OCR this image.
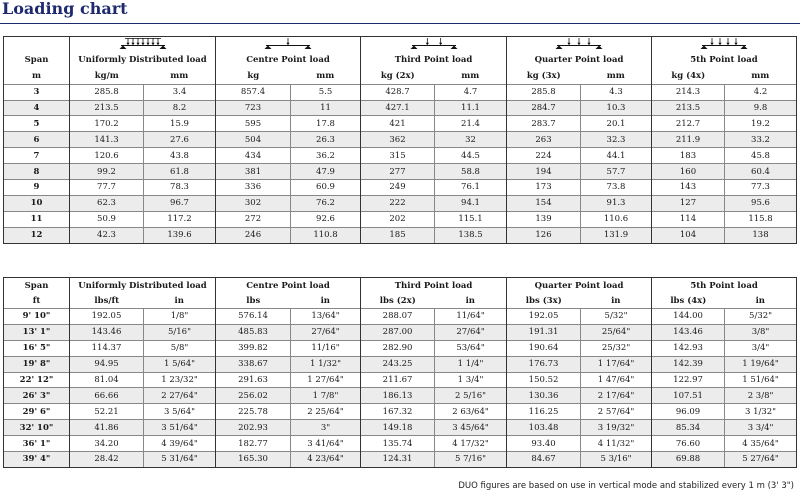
Loading chart

Span	Uniformly Distributed load		Centre Point load		Third Point load		Quarter Point load		5th Point load	
m	kg/m	mm	kg	mm	kg (2x)	mm	kg (3x)	mm	kg (4x)	mm
3	285.8	3.4	857.4	5.5	428.7	4.7	285.8	4.3	214.3	4.2
4	213.5	8.2	723	11	427.1	11.1	284.7	10.3	213.5	9.8
5	170.2	15.9	595	17.8	421	21.4	283.7	20.1	212.7	19.2
6	141.3	27.6	504	26.3	362	32	263	32.3	211.9	33.2
7	120.6	43.8	434	36.2	315	44.5	224	44.1	183	45.8
8	99.2	61.8	381	47.9	277	58.8	194	57.7	160	60.4
9	77.7	78.3	336	60.9	249	76.1	173	73.8	143	77.3
10	62.3	96.7	302	76.2	222	94.1	154	91.3	127	95.6
11	50.9	117.2	272	92.6	202	115.1	139	110.6	114	115.8
12	42.3	139.6	246	110.8	185	138.5	126	131.9	104	138
Span	Uniformly Distributed load		Centre Point load		Third Point load		Quarter Point load		5th Point load	
ft	lbs/ft	in	lbs	in	lbs (2x)	in	lbs (3x)	in	lbs (4x)	in
9' 10"	192.05	1/8"	576.14	13/64"	288.07	11/64"	192.05	5/32"	144.00	5/32"
13' 1"	143.46	5/16"	485.83	27/64"	287.00	27/64"	191.31	25/64"	143.46	3/8"
16' 5"	114.37	5/8"	399.82	11/16"	282.90	53/64"	190.64	25/32"	142.93	3/4"
19' 8"	94.95	1 5/64"	338.67	1 1/32"	243.25	1 1/4"	176.73	1 17/64"	142.39	1 19/64"
22' 12"	81.04	1 23/32"	291.63	1 27/64"	211.67	1 3/4"	150.52	1 47/64"	122.97	1 51/64"
26' 3"	66.66	2 27/64"	256.02	1 7/8"	186.13	2 5/16"	130.36	2 17/64"	107.51	2 3/8"
29' 6"	52.21	3 5/64"	225.78	2 25/64"	167.32	2 63/64"	116.25	2 57/64"	96.09	3 1/32"
32' 10"	41.86	3 51/64"	202.93	3"	149.18	3 45/64"	103.48	3 19/32"	85.34	3 3/4"
36' 1"	34.20	4 39/64"	182.77	3 41/64"	135.74	4 17/32"	93.40	4 11/32"	76.60	4 35/64"
39' 4"	28.42	5 31/64"	165.30	4 23/64"	124.31	5 7/16"	84.67	5 3/16"	69.88	5 27/64"
DUO figures are based on use in vertical mode and stabilized every 1 m (3' 3")
